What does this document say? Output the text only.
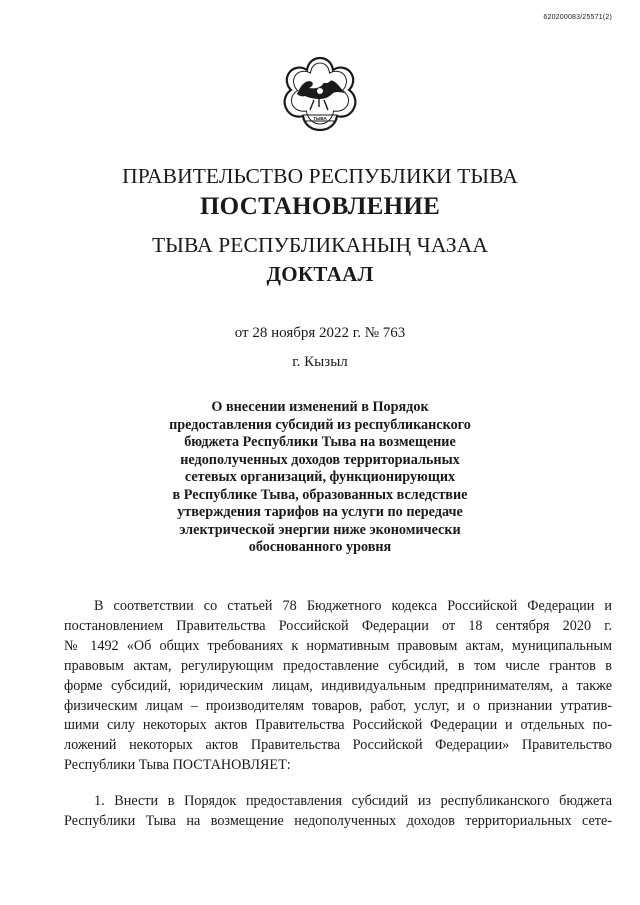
620200083/25571(2)
ТЫВА
ПРАВИТЕЛЬСТВО РЕСПУБЛИКИ ТЫВА
ПОСТАНОВЛЕНИЕ
ТЫВА РЕСПУБЛИКАНЫҢ ЧАЗАА
ДОКТААЛ
от 28 ноября 2022 г. № 763
г. Кызыл
О внесении изменений в Порядок
предоставления субсидий из республиканского
бюджета Республики Тыва на возмещение
недополученных доходов территориальных
сетевых организаций, функционирующих
в Республике Тыва, образованных вследствие
утверждения тарифов на услуги по передаче
электрической энергии ниже экономически
обоснованного уровня
В соответствии со статьей 78 Бюджетного кодекса Российской Федерации и
постановлением Правительства Российской Федерации от 18 сентября 2020 г.
№ 1492 «Об общих требованиях к нормативным правовым актам, муниципальным
правовым актам, регулирующим предоставление субсидий, в том числе грантов в
форме субсидий, юридическим лицам, индивидуальным предпринимателям, а также
физическим лицам – производителям товаров, работ, услуг, и о признании утратив-
шими силу некоторых актов Правительства Российской Федерации и отдельных по-
ложений некоторых актов Правительства Российской Федерации» Правительство
Республики Тыва ПОСТАНОВЛЯЕТ:
1. Внести в Порядок предоставления субсидий из республиканского бюджета
Республики Тыва на возмещение недополученных доходов территориальных сете-
